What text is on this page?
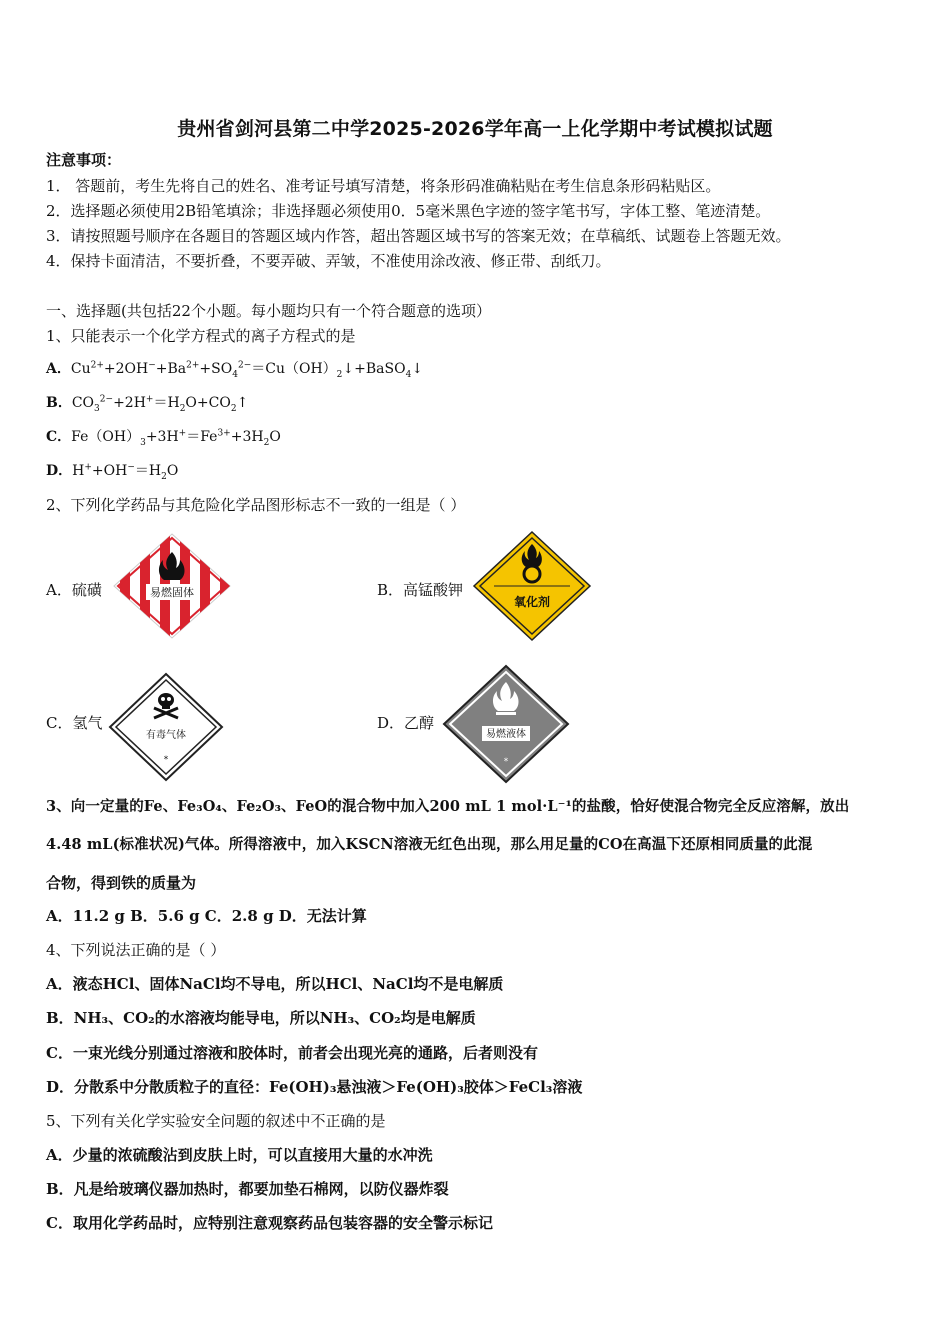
贵州省剑河县第二中学2025-2026学年高一上化学期中考试模拟试题
注意事项：
1． 答题前，考生先将自己的姓名、准考证号填写清楚，将条形码准确粘贴在考生信息条形码粘贴区。
2．选择题必须使用2B铅笔填涂；非选择题必须使用0．5毫米黑色字迹的签字笔书写，字体工整、笔迹清楚。
3．请按照题号顺序在各题目的答题区域内作答，超出答题区域书写的答案无效；在草稿纸、试题卷上答题无效。
4．保持卡面清洁，不要折叠，不要弄破、弄皱，不准使用涂改液、修正带、刮纸刀。
一、选择题(共包括22个小题。每小题均只有一个符合题意的选项）
1、只能表示一个化学方程式的离子方程式的是
A．$Cu^{2+}+2OH^-+Ba^{2+}+SO_4^{2-}=Cu(OH)_2↓+BaSO_4↓$
B．$CO_3^{2-}+2H^+=H_2O+CO_2↑$
C．$Fe(OH)_3+3H^+=Fe^{3+}+3H_2O$
D．$H^++OH^-=H_2O$
2、下列化学药品与其危险化学品图形标志不一致的一组是（ ）
A．硫磺	易燃固体	B．高锰酸钾
氧化剂
C．氢气
有毒气体
*
D．乙醇
易燃液体
*
3、向一定量的Fe、Fe₃O₄、Fe₂O₃、FeO的混合物中加入200 mL 1 mol·L⁻¹的盐酸，恰好使混合物完全反应溶解，放出
4.48 mL(标准状况)气体。所得溶液中，加入KSCN溶液无红色出现，那么用足量的CO在高温下还原相同质量的此混
合物，得到铁的质量为
A．11.2 g B．5.6 g C．2.8 g D．无法计算
4、下列说法正确的是（ ）
A．液态HCl、固体NaCl均不导电，所以HCl、NaCl均不是电解质
B．NH₃、CO₂的水溶液均能导电，所以NH₃、CO₂均是电解质
C．一束光线分别通过溶液和胶体时，前者会出现光亮的通路，后者则没有
D．分散系中分散质粒子的直径：Fe(OH)₃悬浊液＞Fe(OH)₃胶体＞FeCl₃溶液
5、下列有关化学实验安全问题的叙述中不正确的是
A．少量的浓硫酸沾到皮肤上时，可以直接用大量的水冲洗
B．凡是给玻璃仪器加热时，都要加垫石棉网，以防仪器炸裂
C．取用化学药品时，应特别注意观察药品包装容器的安全警示标记
